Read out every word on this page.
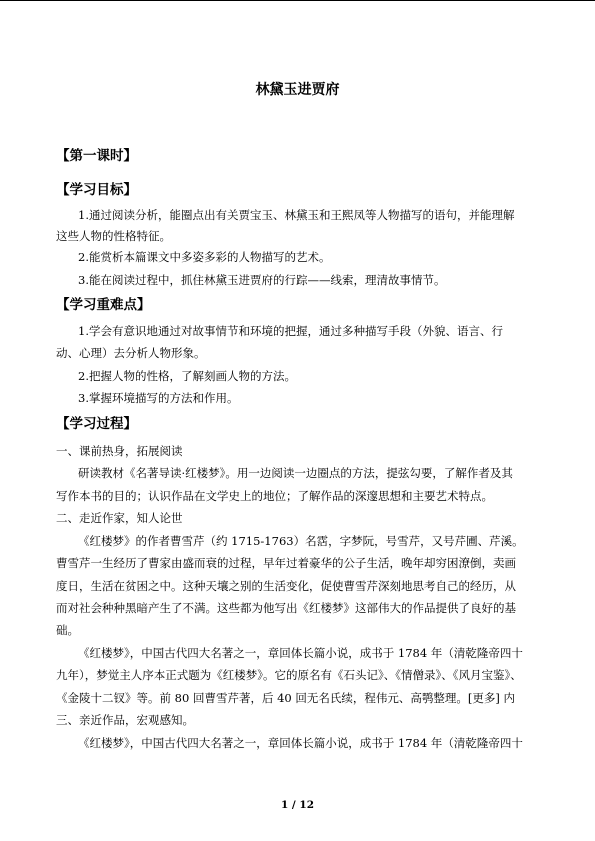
林黛玉进贾府
【第一课时】
【学习目标】
1.通过阅读分析，能圈点出有关贾宝玉、林黛玉和王熙凤等人物描写的语句，并能理解
这些人物的性格特征。
2.能赏析本篇课文中多姿多彩的人物描写的艺术。
3.能在阅读过程中，抓住林黛玉进贾府的行踪——线索，理清故事情节。
【学习重难点】
1.学会有意识地通过对故事情节和环境的把握，通过多种描写手段（外貌、语言、行
动、心理）去分析人物形象。
2.把握人物的性格，了解刻画人物的方法。
3.掌握环境描写的方法和作用。
【学习过程】
一、课前热身，拓展阅读
研读教材《名著导读·红楼梦》。用一边阅读一边圈点的方法，提弦勾要，了解作者及其
写作本书的目的；认识作品在文学史上的地位；了解作品的深邃思想和主要艺术特点。
二、走近作家，知人论世
《红楼梦》的作者曹雪芹（约 1715-1763）名霑，字梦阮，号雪芹，又号芹圃、芹溪。
曹雪芹一生经历了曹家由盛而衰的过程，早年过着豪华的公子生活，晚年却穷困潦倒，卖画
度日，生活在贫困之中。这种天壤之别的生活变化，促使曹雪芹深刻地思考自己的经历，从
而对社会种种黑暗产生了不满。这些都为他写出《红楼梦》这部伟大的作品提供了良好的基
础。
《红楼梦》，中国古代四大名著之一，章回体长篇小说，成书于 1784 年（清乾隆帝四十
九年），梦觉主人序本正式题为《红楼梦》。它的原名有《石头记》、《情僧录》、《风月宝鉴》、
《金陵十二钗》等。前 80 回曹雪芹著，后 40 回无名氏续，程伟元、高鹗整理。[更多] 内
三、亲近作品，宏观感知。
《红楼梦》，中国古代四大名著之一，章回体长篇小说，成书于 1784 年（清乾隆帝四十
1 / 12
